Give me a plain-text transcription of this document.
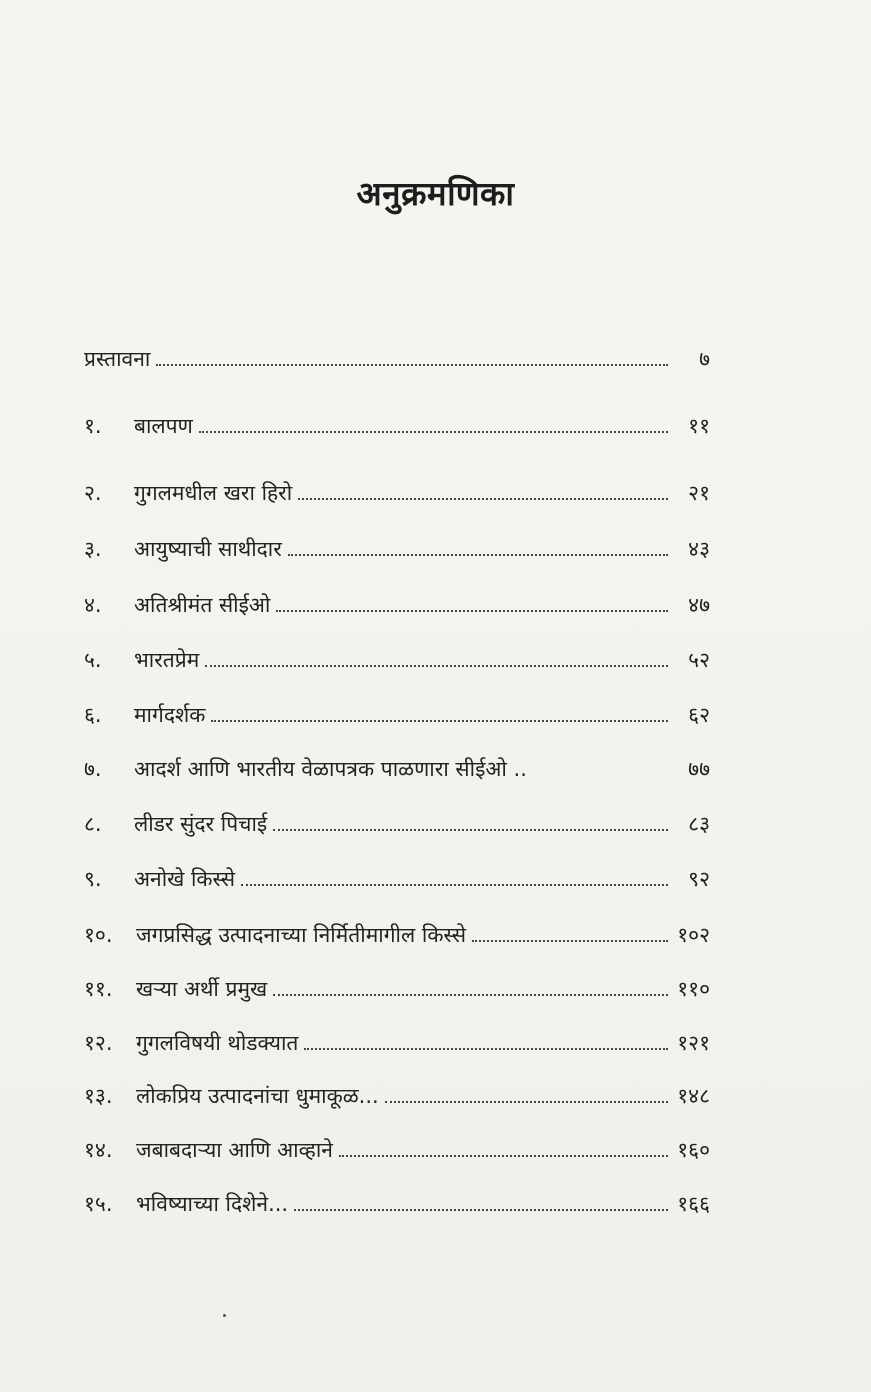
अनुक्रमणिका
प्रस्तावना	७
१.	बालपण	११
२.	गुगलमधील खरा हिरो	२१
३.	आयुष्याची साथीदार	४३
४.	अतिश्रीमंत सीईओ	४७
५.	भारतप्रेम	५२
६.	मार्गदर्शक	६२
७.	आदर्श आणि भारतीय वेळापत्रक पाळणारा सीईओ ..	७७
८.	लीडर सुंदर पिचाई	८३
९.	अनोखे किस्से	९२
१०.	जगप्रसिद्ध उत्पादनाच्या निर्मितीमागील किस्से	१०२
११.	खऱ्या अर्थी प्रमुख	११०
१२.	गुगलविषयी थोडक्यात	१२१
१३.	लोकप्रिय उत्पादनांचा धुमाकूळ...	१४८
१४.	जबाबदाऱ्या आणि आव्हाने	१६०
१५.	भविष्याच्या दिशेने...	१६६
